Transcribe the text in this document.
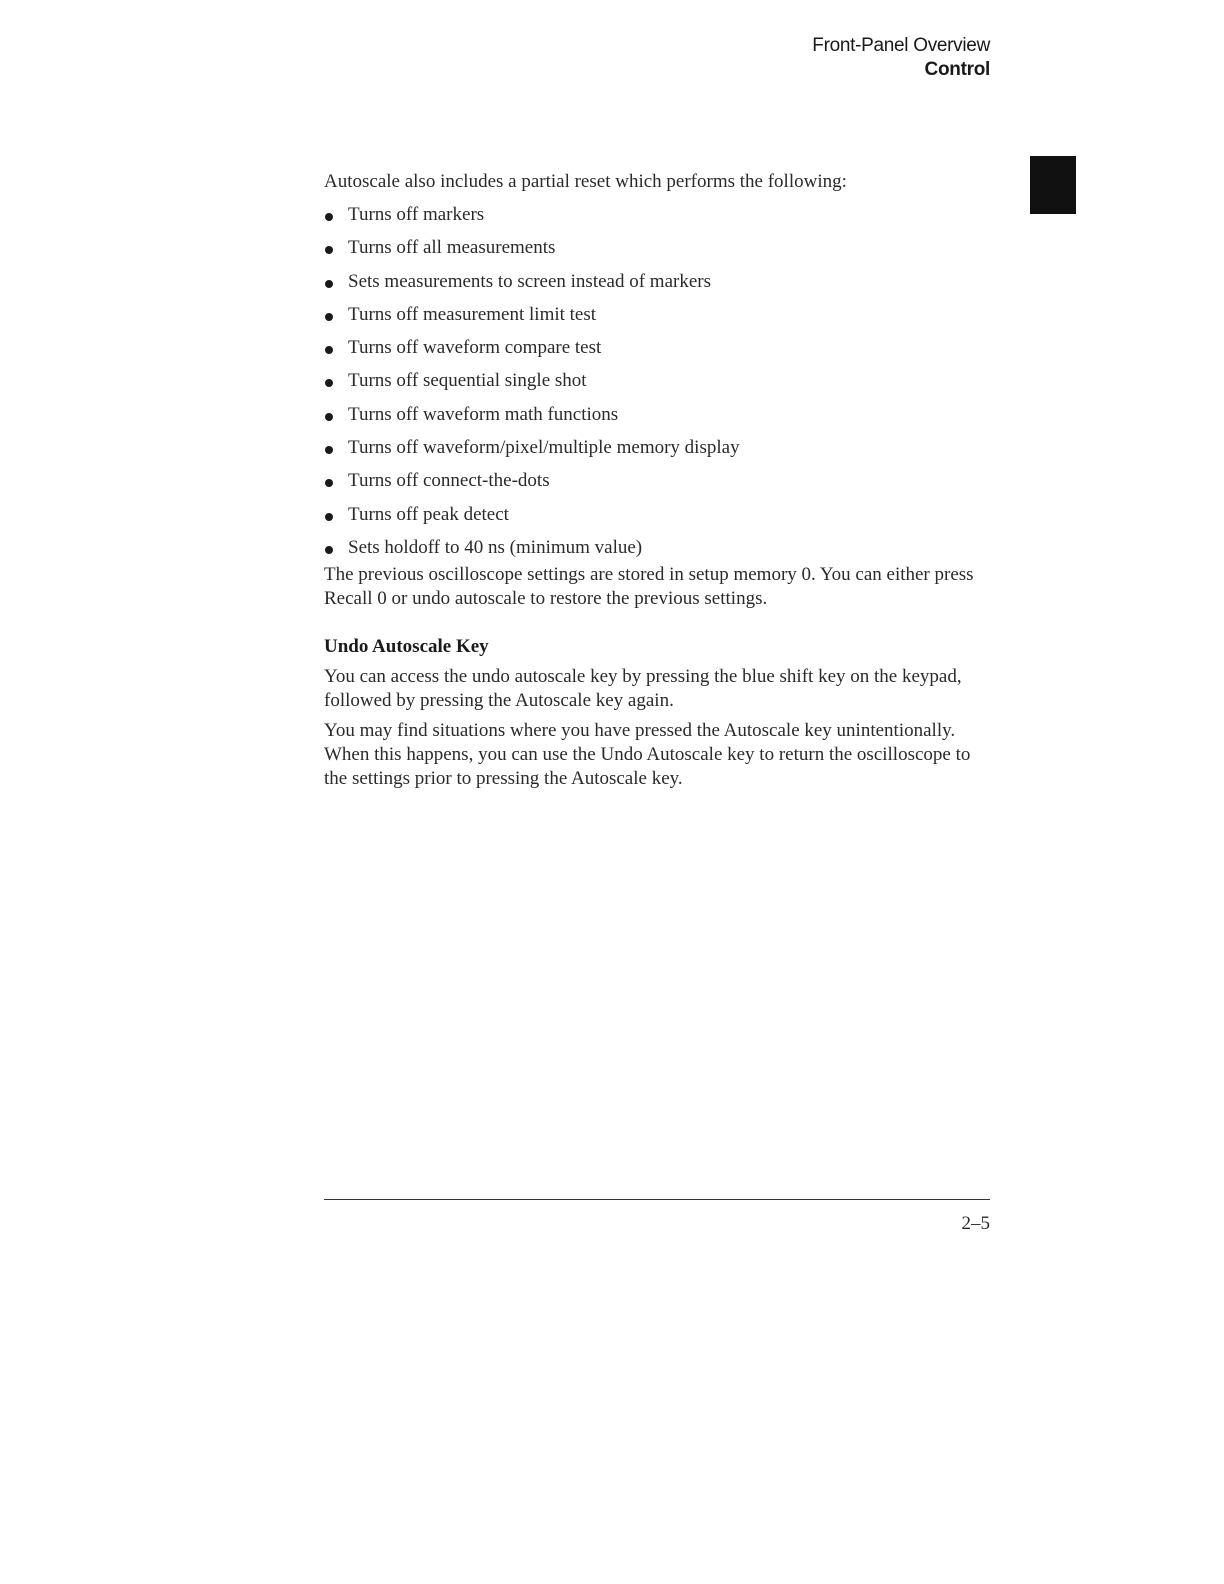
Front-Panel Overview
Control

Autoscale also includes a partial reset which performs the following:

Turns off markers
Turns off all measurements
Sets measurements to screen instead of markers
Turns off measurement limit test
Turns off waveform compare test
Turns off sequential single shot
Turns off waveform math functions
Turns off waveform/pixel/multiple memory display
Turns off connect-the-dots
Turns off peak detect
Sets holdoff to 40 ns (minimum value)

The previous oscilloscope settings are stored in setup memory 0. You can either press Recall 0 or undo autoscale to restore the previous settings.

Undo Autoscale Key

You can access the undo autoscale key by pressing the blue shift key on the keypad, followed by pressing the Autoscale key again.

You may find situations where you have pressed the Autoscale key unintentionally. When this happens, you can use the Undo Autoscale key to return the oscilloscope to the settings prior to pressing the Autoscale key.

2–5
